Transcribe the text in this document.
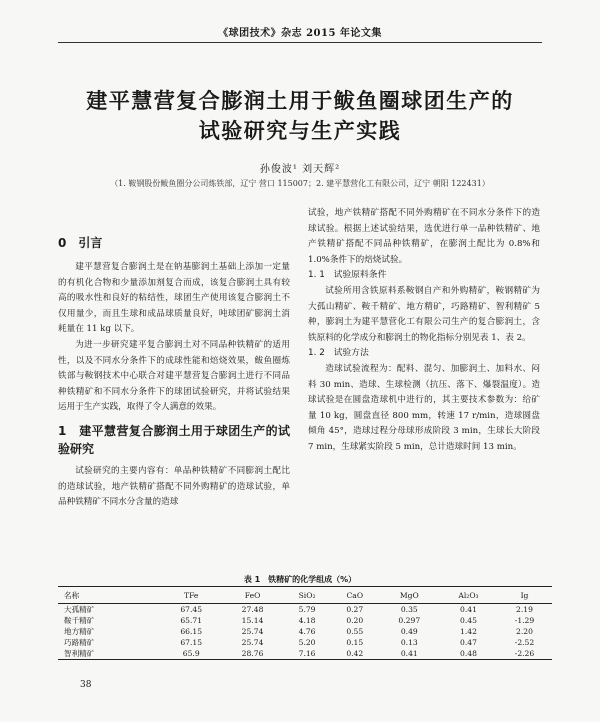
《球团技术》杂志 2015 年论文集
建平慧营复合膨润土用于鲅鱼圈球团生产的
试验研究与生产实践
孙俊波¹ 刘天辉²
（1. 鞍钢股份鲅鱼圈分公司炼铁部，辽宁 营口 115007；2. 建平慧营化工有限公司，辽宁 朝阳 122431）
0　引言

建平慧营复合膨润土是在钠基膨润土基础上添加一定量的有机化合物和少量添加剂复合而成，该复合膨润土具有较高的吸水性和良好的粘结性，球团生产使用该复合膨润土不仅用量少，而且生球和成品球质量良好，吨球团矿膨润土消耗量在 11 kg 以下。

为进一步研究建平复合膨润土对不同品种铁精矿的适用性，以及不同水分条件下的成球性能和焙烧效果，鲅鱼圈炼铁部与鞍钢技术中心联合对建平慧营复合膨润土进行不同品种铁精矿和不同水分条件下的球团试验研究，并将试验结果运用于生产实践，取得了令人满意的效果。

1　建平慧营复合膨润土用于球团生产的试验研究

试验研究的主要内容有：单品种铁精矿不同膨润土配比的造球试验，地产铁精矿搭配不同外购精矿的造球试验，单品种铁精矿不同水分含量的造球

试验，地产铁精矿搭配不同外购精矿在不同水分条件下的造球试验。根据上述试验结果，选优进行单一品种铁精矿、地产铁精矿搭配不同品种铁精矿，在膨润土配比为 0.8%和 1.0%条件下的焙烧试验。

1. 1　试验原料条件

试验所用含铁原料系鞍钢自产和外购精矿，鞍钢精矿为大孤山精矿、鞍千精矿、地方精矿，巧路精矿、智利精矿 5 种，膨润土为建平慧营化工有限公司生产的复合膨润土，含铁原料的化学成分和膨润土的物化指标分别见表 1、表 2。

1. 2　试验方法

造球试验流程为：配料、混匀、加膨润土、加料水、闷料 30 min、造球、生球检测（抗压、落下、爆裂温度）。造球试验是在圆盘造球机中进行的，其主要技术参数为：给矿量 10 kg，圆盘直径 800 mm，转速 17 r/min，造球圆盘倾角 45°，造球过程分母球形成阶段 3 min，生球长大阶段 7 min，生球紧实阶段 5 min，总计造球时间 13 min。

表 1　铁精矿的化学组成（%）
名称	TFe	FeO	SiO₂	CaO	MgO	Al₂O₃	Ig
大孤精矿	67.45	27.48	5.79	0.27	0.35	0.41	2.19
鞍千精矿	65.71	15.14	4.18	0.20	0.297	0.45	-1.29
地方精矿	66.15	25.74	4.76	0.55	0.49	1.42	2.20
巧路精矿	67.15	25.74	5.20	0.15	0.13	0.47	-2.52
智利精矿	65.9	28.76	7.16	0.42	0.41	0.48	-2.26
38
